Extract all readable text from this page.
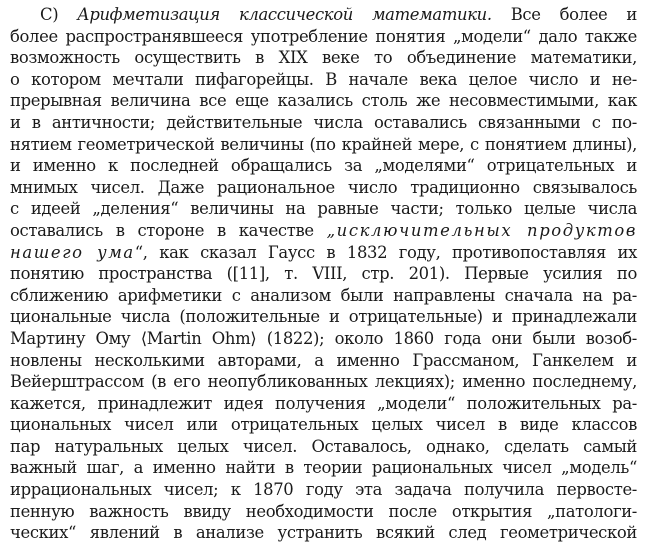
С) Арифметизация классической математики. Все более и
более распространявшееся употребление понятия „модели“ дало также
возможность осуществить в XIX веке то объединение математики,
о котором мечтали пифагорейцы. В начале века целое число и не-
прерывная величина все еще казались столь же несовместимыми, как
и в античности; действительные числа оставались связанными с по-
нятием геометрической величины (по крайней мере, с понятием длины),
и именно к последней обращались за „моделями“ отрицательных и
мнимых чисел. Даже рациональное число традиционно связывалось
с идеей „деления“ величины на равные части; только целые числа
оставались в стороне в качестве „исключительных продуктов
нашего ума“, как сказал Гаусс в 1832 году, противопоставляя их
понятию пространства ([11], т. VIII, стр. 201). Первые усилия по
сближению арифметики с анализом были направлены сначала на ра-
циональные числа (положительные и отрицательные) и принадлежали
Мартину Ому ⟨Martin Ohm⟩ (1822); около 1860 года они были возоб-
новлены несколькими авторами, а именно Грассманом, Ганкелем и
Вейерштрассом (в его неопубликованных лекциях); именно последнему,
кажется, принадлежит идея получения „модели“ положительных ра-
циональных чисел или отрицательных целых чисел в виде классов
пар натуральных целых чисел. Оставалось, однако, сделать самый
важный шаг, а именно найти в теории рациональных чисел „модель“
иррациональных чисел; к 1870 году эта задача получила первосте-
пенную важность ввиду необходимости после открытия „патологи-
ческих“ явлений в анализе устранить всякий след геометрической
